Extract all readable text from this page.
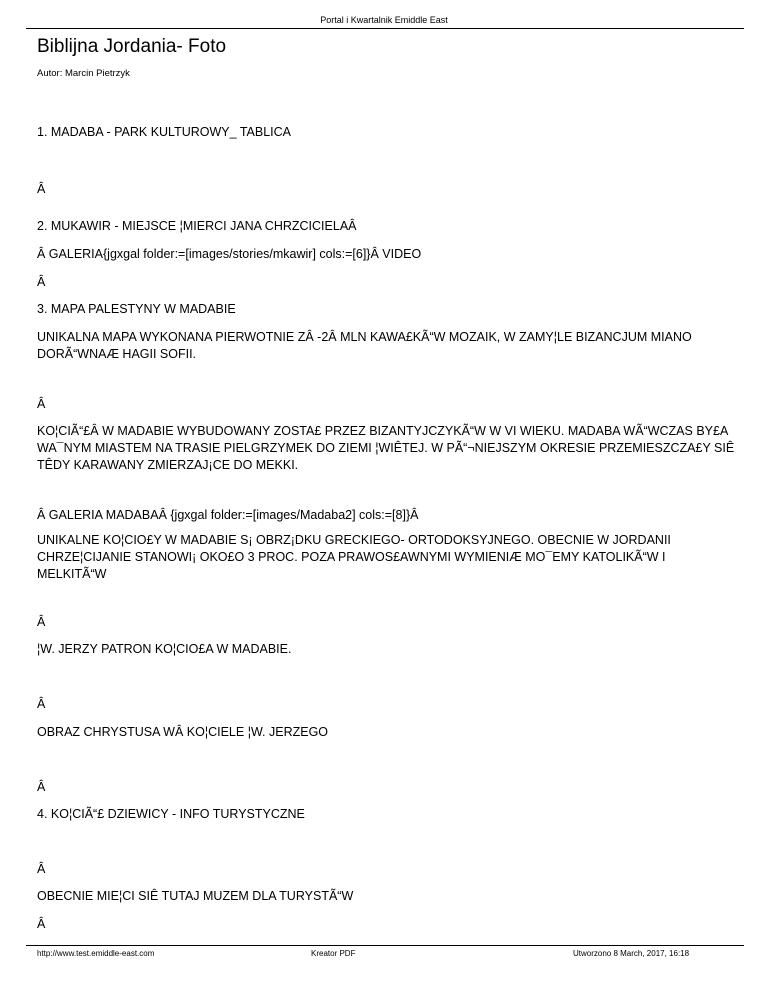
Portal i Kwartalnik Emiddle East
Biblijna Jordania- Foto
Autor: Marcin Pietrzyk

1. MADABA - PARK KULTUROWY_ TABLICA

Â

2. MUKAWIR - MIEJSCE ¦MIERCI JANA CHRZCICIELAÂ

Â GALERIA{jgxgal folder:=[images/stories/mkawir] cols:=[6]}Â VIDEO

Â

3. MAPA PALESTYNY W MADABIE

UNIKALNA MAPA WYKONANA PIERWOTNIE ZÂ -2Â MLN KAWA£KÃ“W MOZAIK, W ZAMY¦LE BIZANCJUM MIANO DORÃ“WNAÆ HAGII SOFII.

Â

KO¦CIÃ“£Â W MADABIE WYBUDOWANY ZOSTA£ PRZEZ BIZANTYJCZYKÃ“W W VI WIEKU. MADABA WÃ“WCZAS BY£A WA¯NYM MIASTEM NA TRASIE PIELGRZYMEK DO ZIEMI ¦WIÊTEJ. W PÃ“¬NIEJSZYM OKRESIE PRZEMIESZCZA£Y SIÊ TÊDY KARAWANY ZMIERZAJ¡CE DO MEKKI.

Â GALERIA MADABAÂ {jgxgal folder:=[images/Madaba2] cols:=[8]}Â

UNIKALNE KO¦CIO£Y W MADABIE S¡ OBRZ¡DKU GRECKIEGO- ORTODOKSYJNEGO. OBECNIE W JORDANII CHRZE¦CIJANIE STANOWI¡ OKO£O 3 PROC. POZA PRAWOS£AWNYMI WYMIENIÆ MO¯EMY KATOLIKÃ“W I MELKITÃ“W

Â

¦W. JERZY PATRON KO¦CIO£A W MADABIE.

Â

OBRAZ CHRYSTUSA WÂ KO¦CIELE ¦W. JERZEGO

Â

4. KO¦CIÃ“£ DZIEWICY - INFO TURYSTYCZNE

Â

OBECNIE MIE¦CI SIÊ TUTAJ MUZEM DLA TURYSTÃ“W

Â

http://www.test.emiddle-east.com	Kreator PDF	Utworzono 8 March, 2017, 16:18
